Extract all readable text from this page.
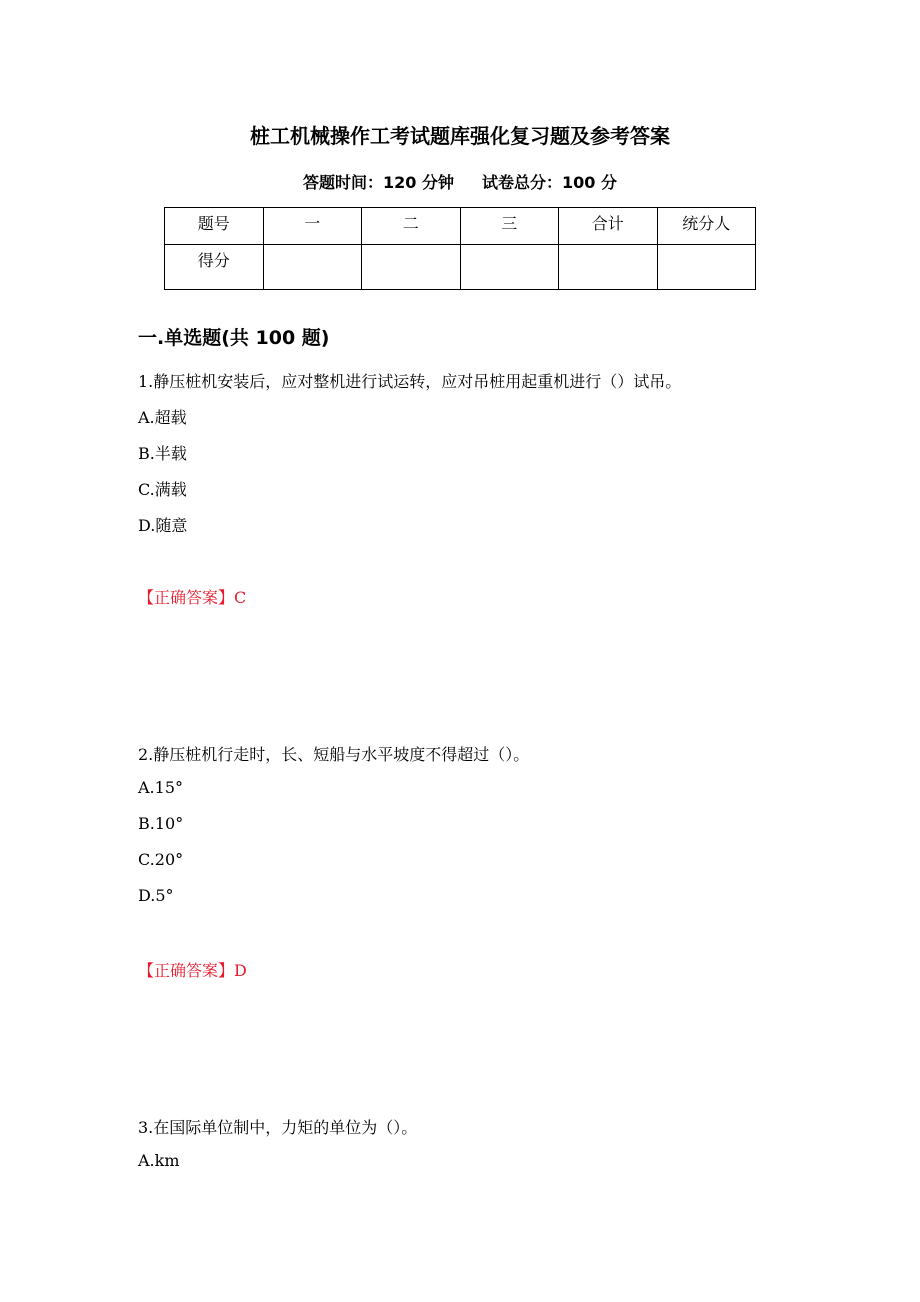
桩工机械操作工考试题库强化复习题及参考答案
答题时间：120 分钟 试卷总分：100 分
题号	一	二	三	合计	统分人
得分					
一.单选题(共 100 题)
1.静压桩机安装后，应对整机进行试运转，应对吊桩用起重机进行（）试吊。
A.超载
B.半载
C.满载
D.随意
【正确答案】C
2.静压桩机行走时，长、短船与水平坡度不得超过（）。
A.15°
B.10°
C.20°
D.5°
【正确答案】D
3.在国际单位制中，力矩的单位为（）。
A.km
